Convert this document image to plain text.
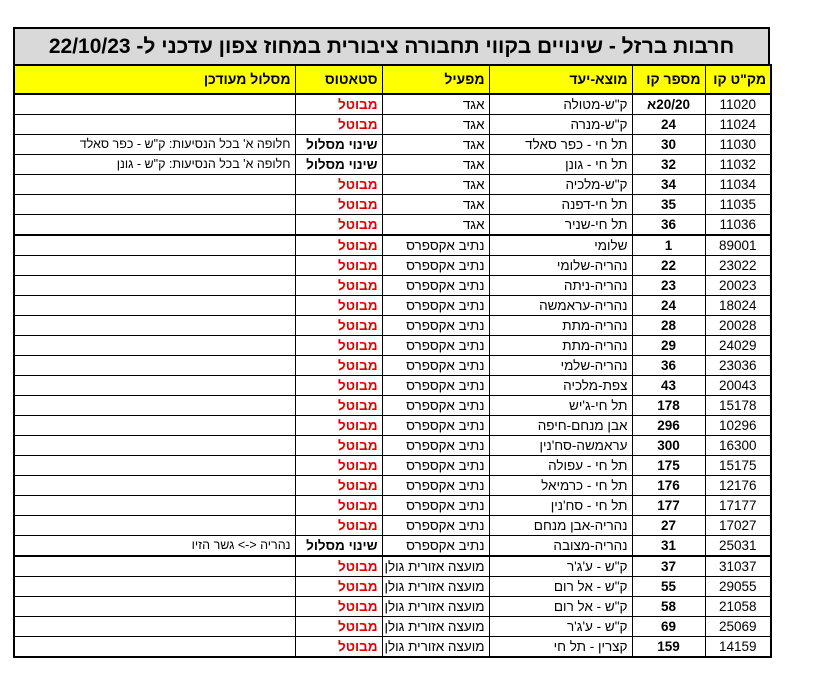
חרבות ברזל - שינויים בקווי תחבורה ציבורית במחוז צפון עדכני ל- 22/10/23
מק"ט קו	מספר קו	מוצא-יעד	מפעיל	סטאטוס	מסלול מעודכן
11020	20/20א	ק"ש-מטולה	אגד	מבוטל	
11024	24	ק"ש-מנרה	אגד	מבוטל	
11030	30	תל חי - כפר סאלד	אגד	שינוי מסלול	חלופה א' בכל הנסיעות: ק"ש - כפר סאלד
11032	32	תל חי - גונן	אגד	שינוי מסלול	חלופה א' בכל הנסיעות: ק"ש - גונן
11034	34	ק"ש-מלכיה	אגד	מבוטל	
11035	35	תל חי-דפנה	אגד	מבוטל	
11036	36	תל חי-שניר	אגד	מבוטל	
89001	1	שלומי	נתיב אקספרס	מבוטל	
23022	22	נהריה-שלומי	נתיב אקספרס	מבוטל	
20023	23	נהריה-ניתה	נתיב אקספרס	מבוטל	
18024	24	נהריה-עראמשה	נתיב אקספרס	מבוטל	
20028	28	נהריה-מתת	נתיב אקספרס	מבוטל	
24029	29	נהריה-מתת	נתיב אקספרס	מבוטל	
23036	36	נהריה-שלמי	נתיב אקספרס	מבוטל	
20043	43	צפת-מלכיה	נתיב אקספרס	מבוטל	
15178	178	תל חי-ג'יש	נתיב אקספרס	מבוטל	
10296	296	אבן מנחם-חיפה	נתיב אקספרס	מבוטל	
16300	300	עראמשה-סח'נין	נתיב אקספרס	מבוטל	
15175	175	תל חי - עפולה	נתיב אקספרס	מבוטל	
12176	176	תל חי - כרמיאל	נתיב אקספרס	מבוטל	
17177	177	תל חי - סח'נין	נתיב אקספרס	מבוטל	
17027	27	נהריה-אבן מנחם	נתיב אקספרס	מבוטל	
25031	31	נהריה-מצובה	נתיב אקספרס	שינוי מסלול	נהריה <-> גשר הזיו
31037	37	ק"ש - ע'ג'ר	מועצה אזורית גולן	מבוטל	
29055	55	ק"ש - אל רום	מועצה אזורית גולן	מבוטל	
21058	58	ק"ש - אל רום	מועצה אזורית גולן	מבוטל	
25069	69	ק"ש - ע'ג'ר	מועצה אזורית גולן	מבוטל	
14159	159	קצרין - תל חי	מועצה אזורית גולן	מבוטל	
